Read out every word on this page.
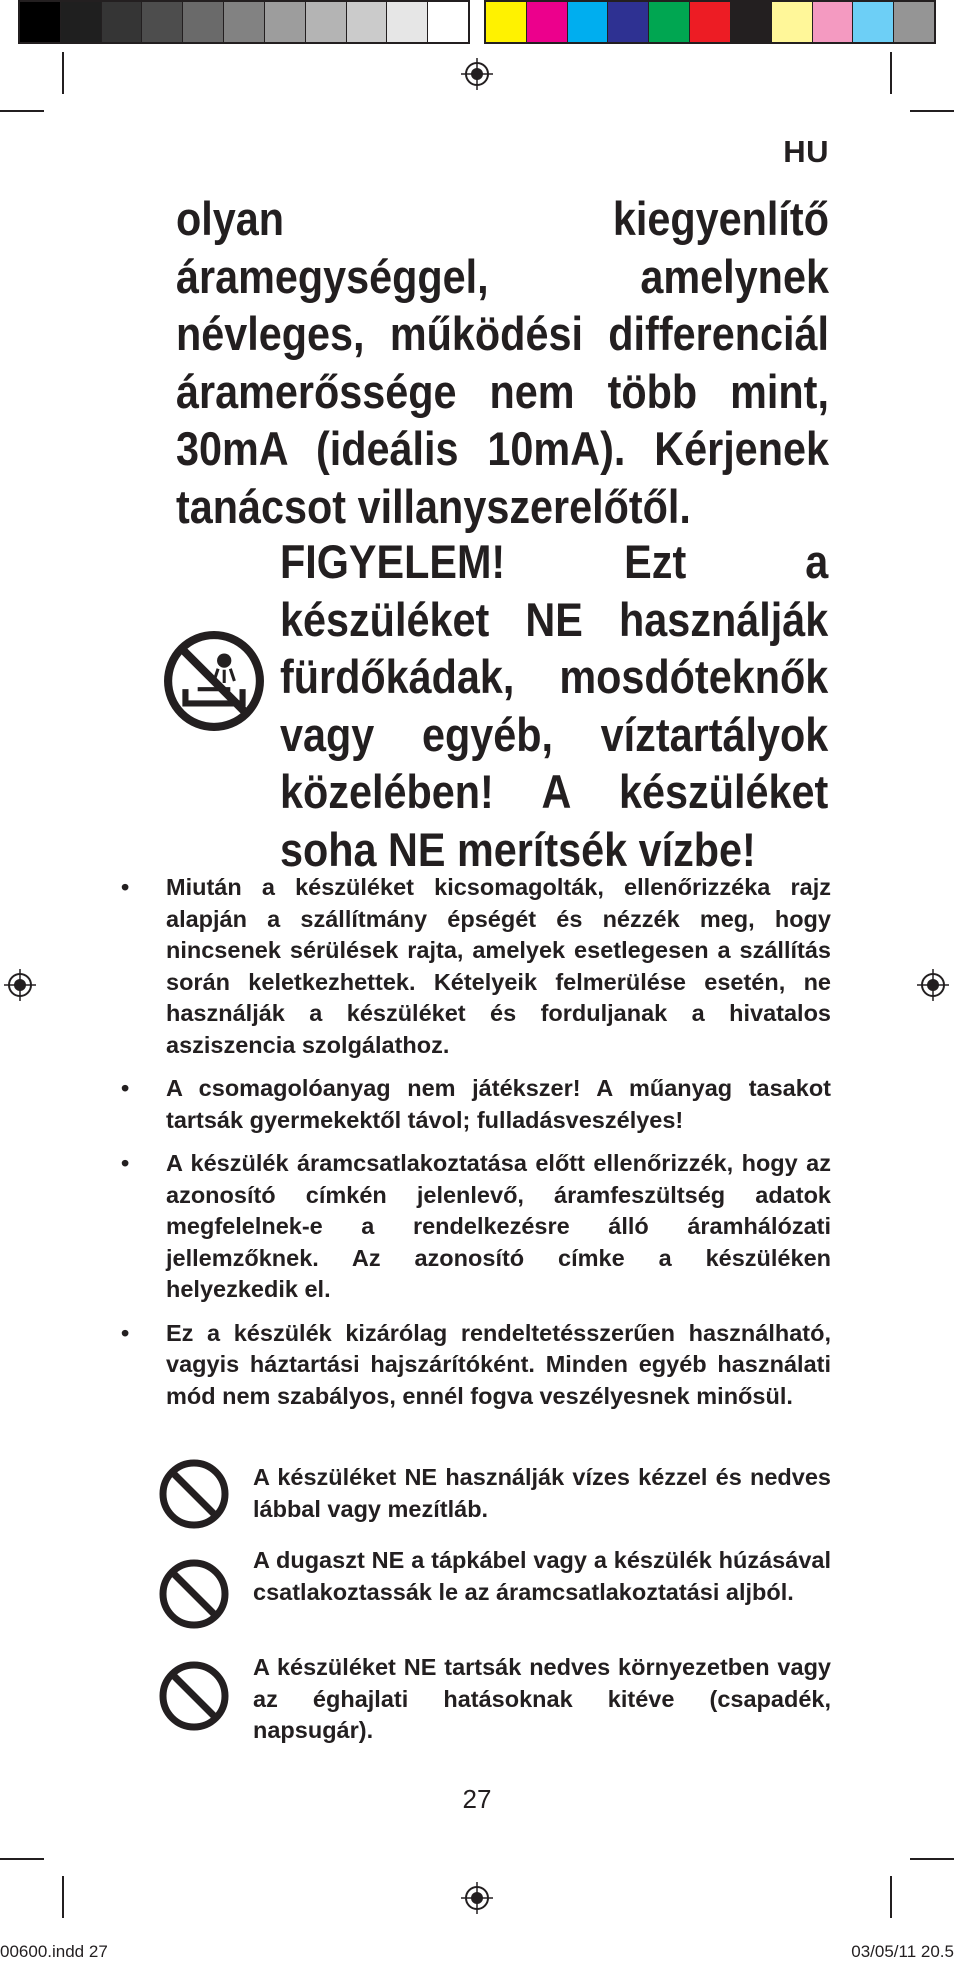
HU
olyan kiegyenlítő áramegységgel, amelynek névleges, működési differenciál áramerőssége nem több mint, 30mA (ideális 10mA). Kérjenek tanácsot villanyszerelőtől.
FIGYELEM! Ezt a készüléket NE használják fürdőkádak, mosdóteknők vagy egyéb, víztartályok közelében! A készüléket soha NE merítsék vízbe!
• Miután a készüléket kicsomagolták, ellenőrizzéka rajz alapján a szállítmány épségét és nézzék meg, hogy nincsenek sérülések rajta, amelyek esetlegesen a szállítás során keletkezhettek. Kételyeik felmerülése esetén, ne használják a készüléket és forduljanak a hivatalos asziszencia szolgálathoz.
• A csomagolóanyag nem játékszer! A műanyag tasakot tartsák gyermekektől távol; fulladásveszélyes!
• A készülék áramcsatlakoztatása előtt ellenőrizzék, hogy az azonosító címkén jelenlevő, áramfeszültség adatok megfelelnek-e a rendelkezésre álló áramhálózati jellemzőknek. Az azonosító címke a készüléken helyezkedik el.
• Ez a készülék kizárólag rendeltetésszerűen használható, vagyis háztartási hajszárítóként. Minden egyéb használati mód nem szabályos, ennél fogva veszélyesnek minősül.
A készüléket NE használják vízes kézzel és nedves lábbal vagy mezítláb.
A dugaszt NE a tápkábel vagy a készülék húzásával csatlakoztassák le az áramcsatlakoztatási aljból.
A készüléket NE tartsák nedves környezetben vagy az éghajlati hatásoknak kitéve (csapadék, napsugár).
27
00600.indd 27	03/05/11 20.5
